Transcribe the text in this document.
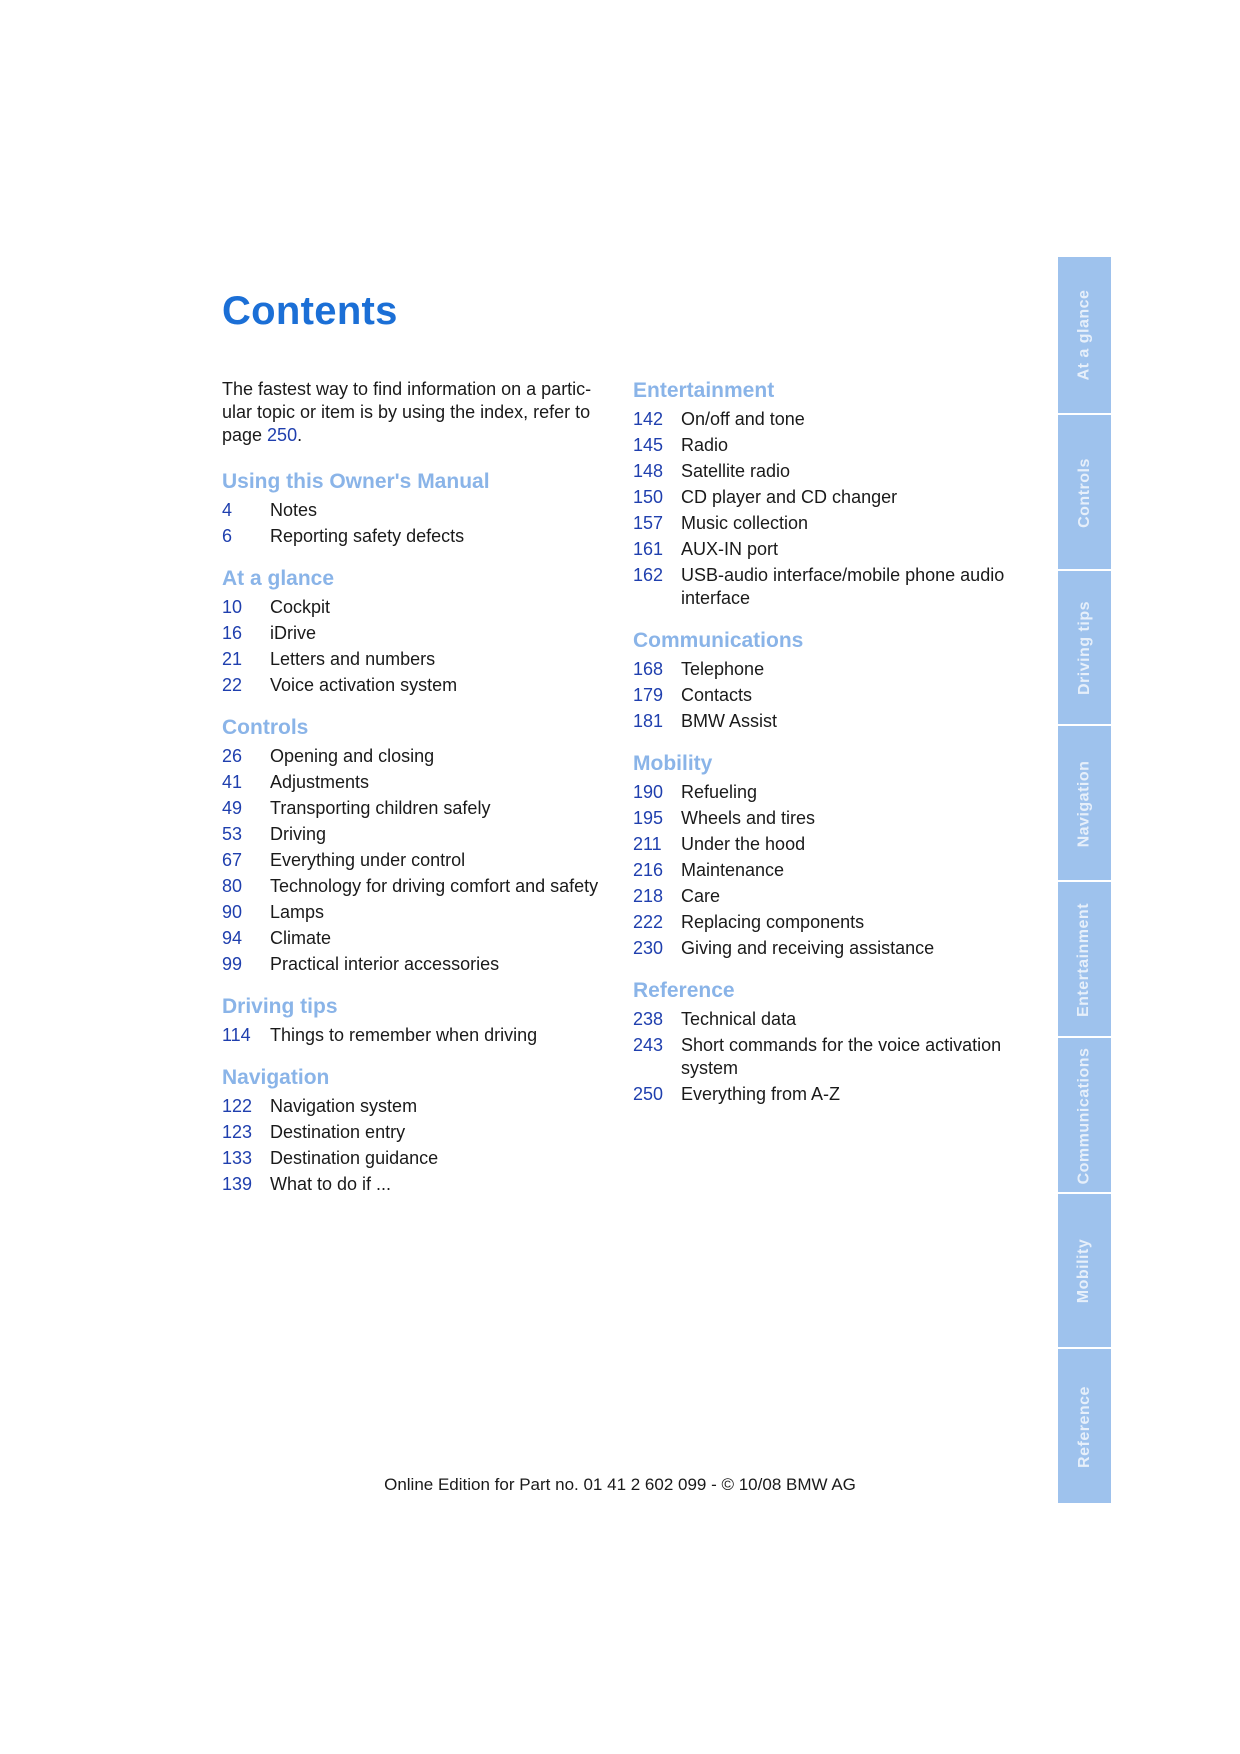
Contents

The fastest way to find information on a partic-
ular topic or item is by using the index, refer to
page 250.

Using this Owner's Manual
4	Notes
6	Reporting safety defects
At a glance
10	Cockpit
16	iDrive
21	Letters and numbers
22	Voice activation system
Controls
26	Opening and closing
41	Adjustments
49	Transporting children safely
53	Driving
67	Everything under control
80	Technology for driving comfort and safety
90	Lamps
94	Climate
99	Practical interior accessories
Driving tips
114	Things to remember when driving
Navigation
122 Navigation system
123 Destination entry
133 Destination guidance
139 What to do if ...
Entertainment
142 On/off and tone
145 Radio
148 Satellite radio
150 CD player and CD changer
157 Music collection
161 AUX-IN port
162 USB-audio interface/mobile phone audio interface
Communications
168 Telephone
179 Contacts
181 BMW Assist
Mobility
190 Refueling
195 Wheels and tires
211	Under the hood
216 Maintenance
218 Care
222 Replacing components
230 Giving and receiving assistance
Reference
238 Technical data
243 Short commands for the voice activation system
250 Everything from A-Z
At a glance
Controls
Driving tips
Navigation
Entertainment
Communications
Mobility
Reference
Online Edition for Part no. 01 41 2 602 099 - © 10/08 BMW AG
